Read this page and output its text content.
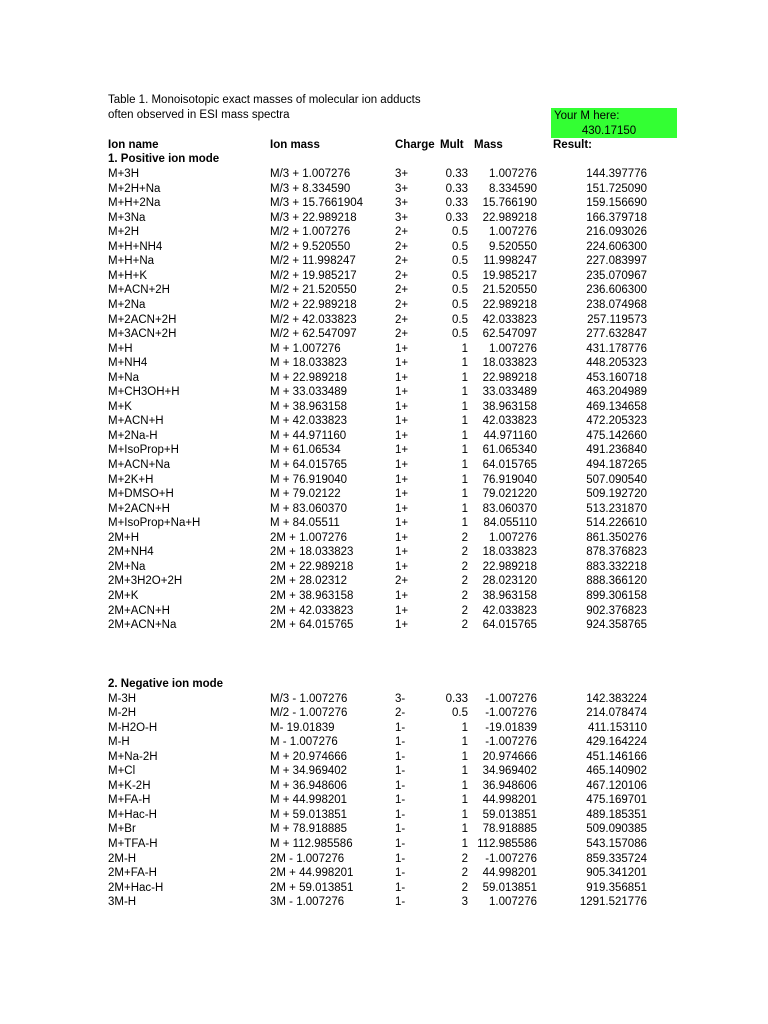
Table 1. Monoisotopic exact masses of molecular ion adducts
often observed in ESI mass spectra	Your M here:
430.17150
Ion name	Ion mass	Charge Mult Mass	Result:
1. Positive ion mode
M+3H	M/3 + 1.007276	3+	0.33 1.007276	144.397776
M+2H+Na	M/3 + 8.334590	3+	0.33 8.334590	151.725090
M+H+2Na	M/3 + 15.7661904	3+	0.33 15.766190	159.156690
M+3Na	M/3 + 22.989218	3+	0.33 22.989218	166.379718
M+2H	M/2 + 1.007276	2+	0.5 1.007276	216.093026
M+H+NH4	M/2 + 9.520550	2+	0.5 9.520550	224.606300
M+H+Na	M/2 + 11.998247	2+	0.5 11.998247	227.083997
M+H+K	M/2 + 19.985217	2+	0.5 19.985217	235.070967
M+ACN+2H	M/2 + 21.520550	2+	0.5 21.520550	236.606300
M+2Na	M/2 + 22.989218	2+	0.5 22.989218	238.074968
M+2ACN+2H	M/2 + 42.033823	2+	0.5 42.033823	257.119573
M+3ACN+2H	M/2 + 62.547097	2+	0.5 62.547097	277.632847
M+H	M + 1.007276	1+	1 1.007276	431.178776
M+NH4	M + 18.033823	1+	1 18.033823	448.205323
M+Na	M + 22.989218	1+	1 22.989218	453.160718
M+CH3OH+H	M + 33.033489	1+	1 33.033489	463.204989
M+K	M + 38.963158	1+	1 38.963158	469.134658
M+ACN+H	M + 42.033823	1+	1 42.033823	472.205323
M+2Na-H	M + 44.971160	1+	1 44.971160	475.142660
M+IsoProp+H	M + 61.06534	1+	1 61.065340	491.236840
M+ACN+Na	M + 64.015765	1+	1 64.015765	494.187265
M+2K+H	M + 76.919040	1+	1 76.919040	507.090540
M+DMSO+H	M + 79.02122	1+	1 79.021220	509.192720
M+2ACN+H	M + 83.060370	1+	1 83.060370	513.231870
M+IsoProp+Na+H	M + 84.05511	1+	1 84.055110	514.226610
2M+H	2M + 1.007276	1+	2 1.007276	861.350276
2M+NH4	2M + 18.033823	1+	2 18.033823	878.376823
2M+Na	2M + 22.989218	1+	2 22.989218	883.332218
2M+3H2O+2H	2M + 28.02312	2+	2 28.023120	888.366120
2M+K	2M + 38.963158	1+	2 38.963158	899.306158
2M+ACN+H	2M + 42.033823	1+	2 42.033823	902.376823
2M+ACN+Na	2M + 64.015765	1+	2 64.015765	924.358765
2. Negative ion mode
M-3H	M/3 - 1.007276	3-	0.33 -1.007276	142.383224
M-2H	M/2 - 1.007276	2-	0.5 -1.007276	214.078474
M-H2O-H	M- 19.01839	1-	1 -19.01839	411.153110
M-H	M - 1.007276	1-	1 -1.007276	429.164224
M+Na-2H	M + 20.974666	1-	1 20.974666	451.146166
M+Cl	M + 34.969402	1-	1 34.969402	465.140902
M+K-2H	M + 36.948606	1-	1 36.948606	467.120106
M+FA-H	M + 44.998201	1-	1 44.998201	475.169701
M+Hac-H	M + 59.013851	1-	1 59.013851	489.185351
M+Br	M + 78.918885	1-	1 78.918885	509.090385
M+TFA-H	M + 112.985586	1-	1 112.985586	543.157086
2M-H	2M - 1.007276	1-	2 -1.007276	859.335724
2M+FA-H	2M + 44.998201	1-	2 44.998201	905.341201
2M+Hac-H	2M + 59.013851	1-	2 59.013851	919.356851
3M-H	3M - 1.007276	1-	3 1.007276	1291.521776
